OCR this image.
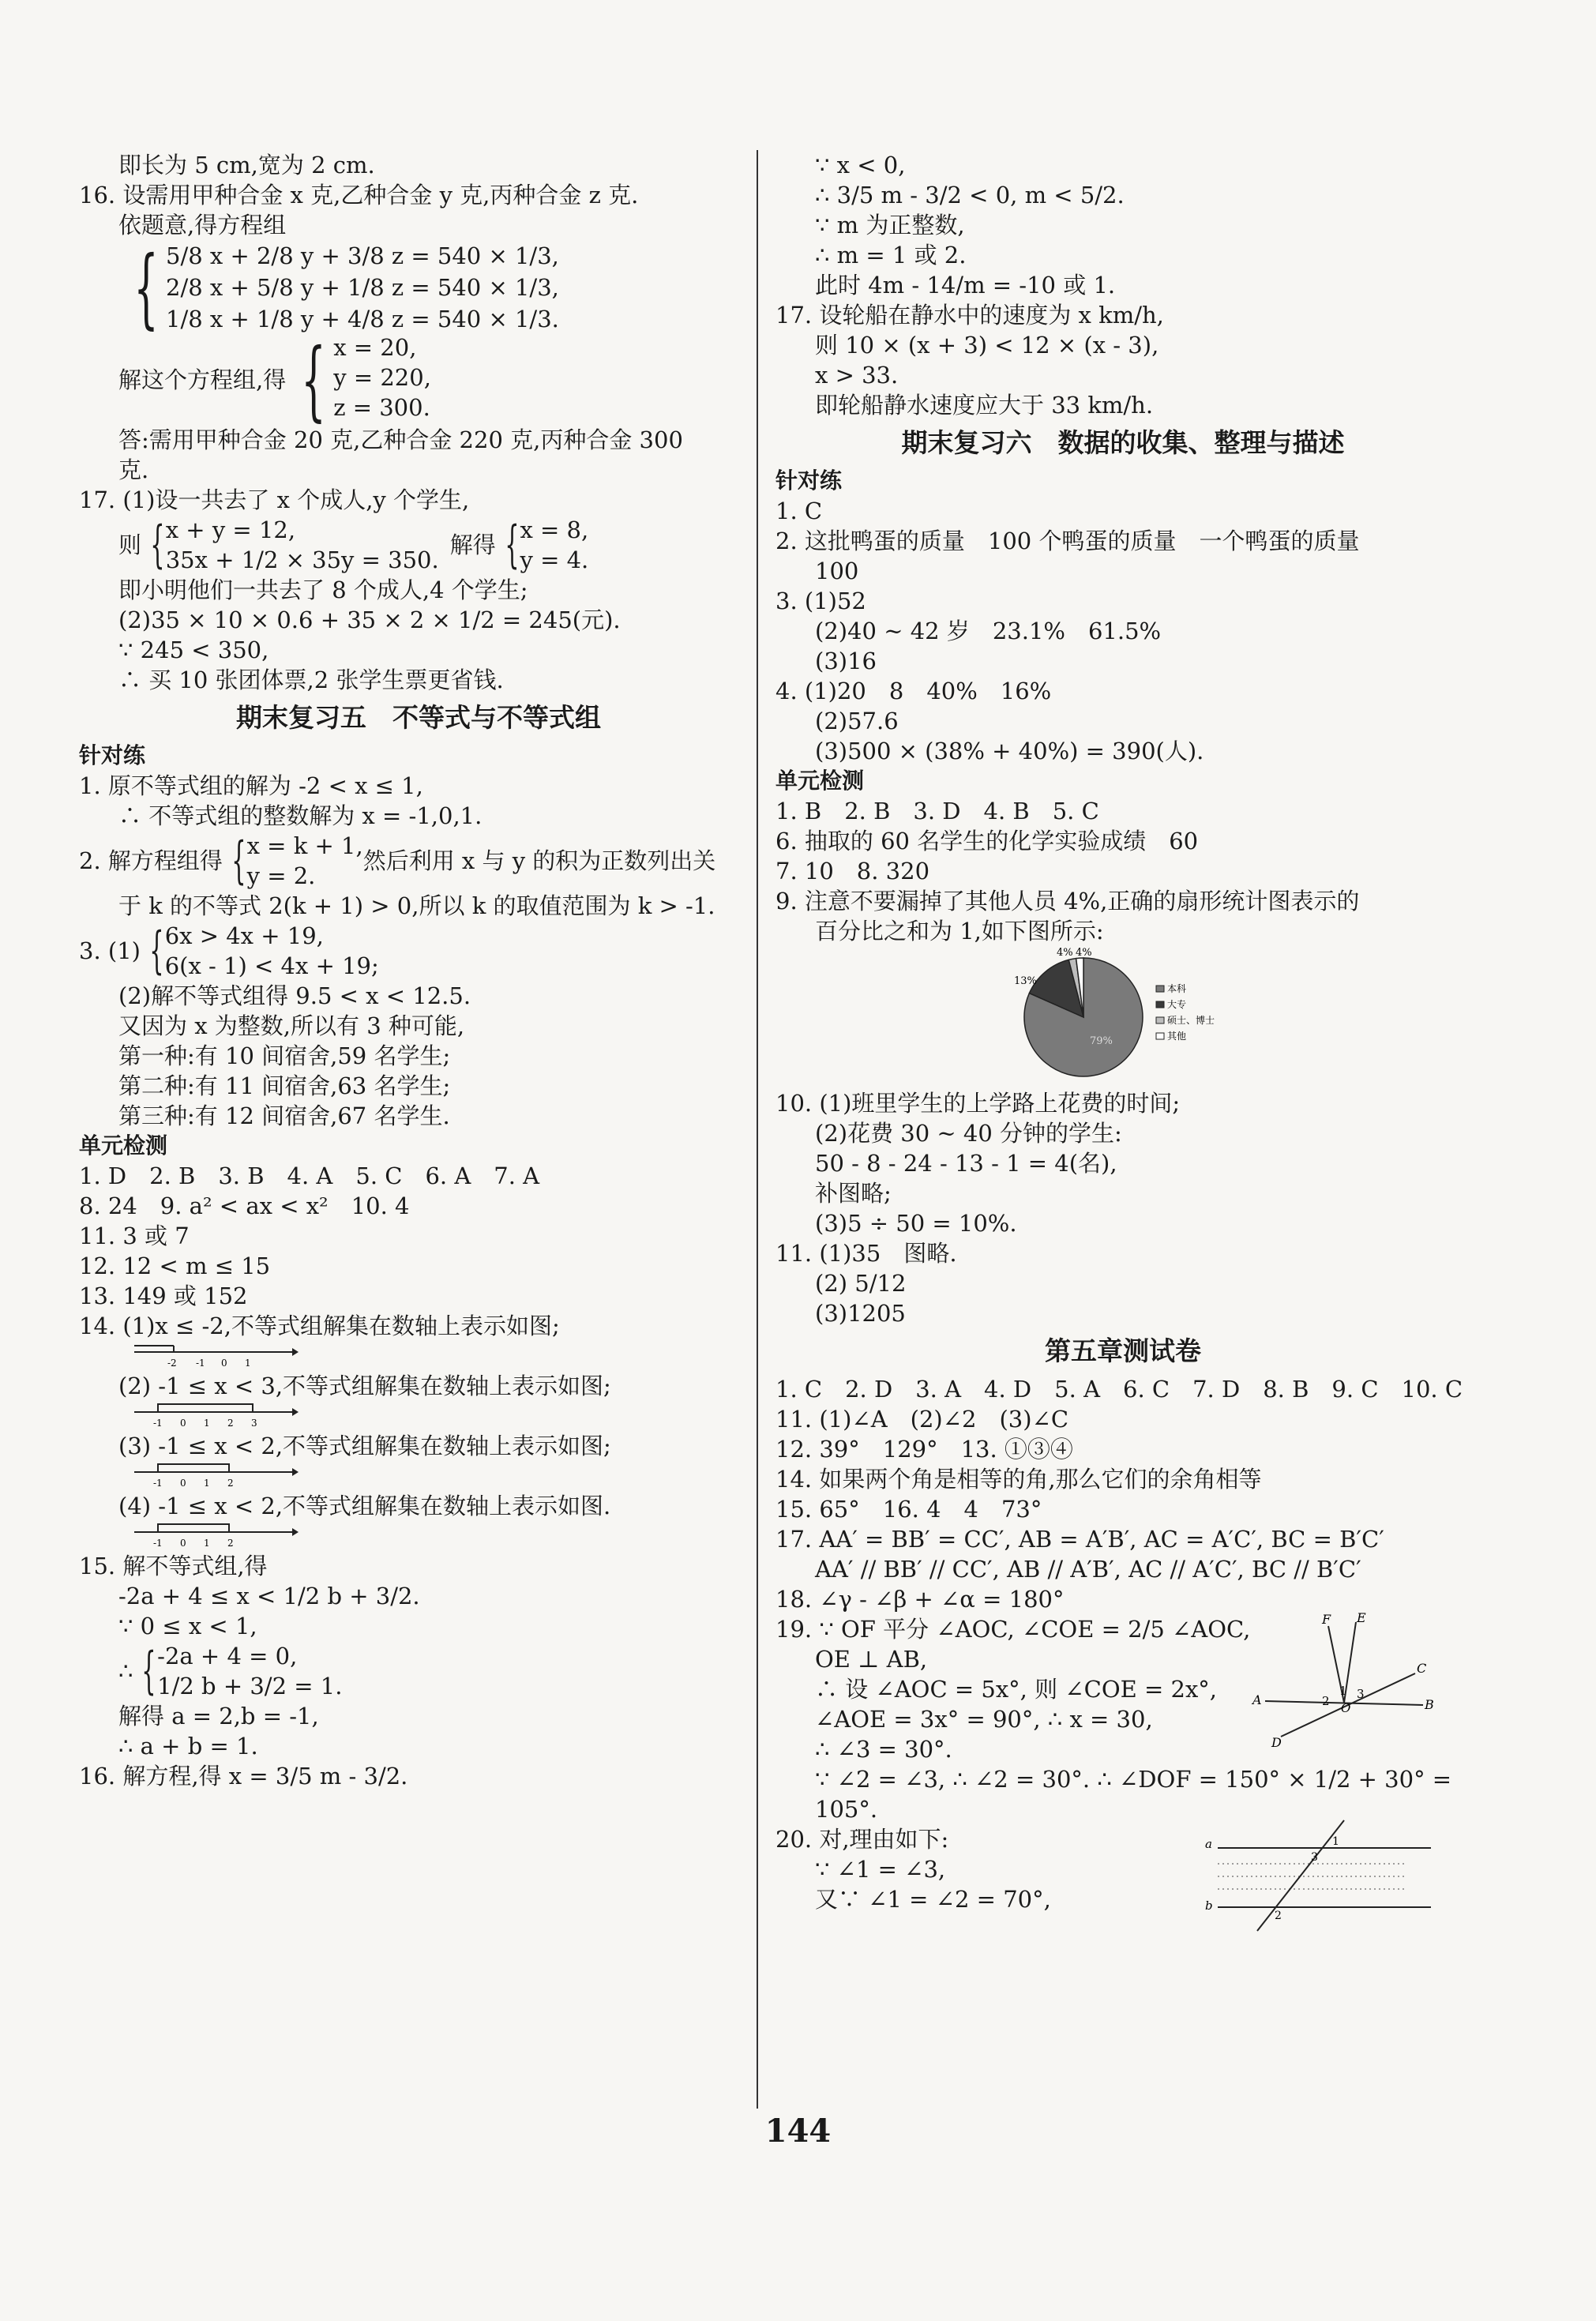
即长为 5 cm,宽为 2 cm.
16. 设需用甲种合金 x 克,乙种合金 y 克,丙种合金 z 克.
依题意,得方程组
{ 5/8 x + 2/8 y + 3/8 z = 540 × 1/3,
2/8 x + 5/8 y + 1/8 z = 540 × 1/3,
1/8 x + 1/8 y + 4/8 z = 540 × 1/3.
解这个方程组,得 { x = 20,
y = 220,
z = 300.
答:需用甲种合金 20 克,乙种合金 220 克,丙种合金 300
克.
17. (1)设一共去了 x 个成人,y 个学生,
则 { x + y = 12,
35x + 1/2 × 35y = 350.
解得 { x = 8,
y = 4.
即小明他们一共去了 8 个成人,4 个学生;
(2)35 × 10 × 0.6 + 35 × 2 × 1/2 = 245(元).
∵ 245 < 350,
∴ 买 10 张团体票,2 张学生票更省钱.
期末复习五　不等式与不等式组
针对练
1. 原不等式组的解为 -2 < x ≤ 1,
∴ 不等式组的整数解为 x = -1,0,1.
2. 解方程组得 { x = k + 1,
y = 2.
然后利用 x 与 y 的积为正数列出关
于 k 的不等式 2(k + 1) > 0,所以 k 的取值范围为 k > -1.
3. (1) { 6x > 4x + 19,
6(x - 1) < 4x + 19;
(2)解不等式组得 9.5 < x < 12.5.
又因为 x 为整数,所以有 3 种可能,
第一种:有 10 间宿舍,59 名学生;
第二种:有 11 间宿舍,63 名学生;
第三种:有 12 间宿舍,67 名学生.
单元检测
1. D　2. B　3. B　4. A　5. C　6. A　7. A
8. 24　9. a² < ax < x²　10. 4
11. 3 或 7
12. 12 < m ≤ 15
13. 149 或 152
14. (1)x ≤ -2,不等式组解集在数轴上表示如图;
-2 -1 0 1
(2) -1 ≤ x < 3,不等式组解集在数轴上表示如图;
-1 0 1 2 3
(3) -1 ≤ x < 2,不等式组解集在数轴上表示如图;
-1 0 1 2
(4) -1 ≤ x < 2,不等式组解集在数轴上表示如图.
-1 0 1 2
15. 解不等式组,得
-2a + 4 ≤ x < 1/2 b + 3/2.
∵ 0 ≤ x < 1,
∴ { -2a + 4 = 0,
1/2 b + 3/2 = 1.
解得 a = 2,b = -1,
∴ a + b = 1.
16. 解方程,得 x = 3/5 m - 3/2.
∵ x < 0,
∴ 3/5 m - 3/2 < 0, m < 5/2.
∵ m 为正整数,
∴ m = 1 或 2.
此时 4m - 14/m = -10 或 1.
17. 设轮船在静水中的速度为 x km/h,
则 10 × (x + 3) < 12 × (x - 3),
x > 33.
即轮船静水速度应大于 33 km/h.
期末复习六　数据的收集、整理与描述
针对练
1. C
2. 这批鸭蛋的质量　100 个鸭蛋的质量　一个鸭蛋的质量
100
3. (1)52
(2)40 ~ 42 岁　23.1%　61.5%
(3)16
4. (1)20　8　40%　16%
(2)57.6
(3)500 × (38% + 40%) = 390(人).
单元检测
1. B　2. B　3. D　4. B　5. C
6. 抽取的 60 名学生的化学实验成绩　60
7. 10　8. 320
9. 注意不要漏掉了其他人员 4%,正确的扇形统计图表示的
百分比之和为 1,如下图所示:
4% 4%
13%
79%
本科
大专
硕士、博士
其他
10. (1)班里学生的上学路上花费的时间;
(2)花费 30 ~ 40 分钟的学生:
50 - 8 - 24 - 13 - 1 = 4(名),
补图略;
(3)5 ÷ 50 = 10%.
11. (1)35　图略.
(2) 5/12
(3)1205
第五章测试卷
1. C　2. D　3. A　4. D　5. A　6. C　7. D　8. B　9. C　10. C
11. (1)∠A　(2)∠2　(3)∠C
12. 39°　129°　13. ①③④
14. 如果两个角是相等的角,那么它们的余角相等
15. 65°　16. 4　4　73°
17. AA′ = BB′ = CC′, AB = A′B′, AC = A′C′, BC = B′C′
AA′ // BB′ // CC′, AB // A′B′, AC // A′C′, BC // B′C′
18. ∠γ - ∠β + ∠α = 180°
19. ∵ OF 平分 ∠AOC, ∠COE = 2/5 ∠AOC,
OE ⊥ AB,
∴ 设 ∠AOC = 5x°, 则 ∠COE = 2x°,
∠AOE = 3x° = 90°, ∴ x = 30,
∴ ∠3 = 30°.
F E
C
A	2
1
O
3
B
D
∵ ∠2 = ∠3, ∴ ∠2 = 30°. ∴ ∠DOF = 150° × 1/2 + 30° =
105°.
20. 对,理由如下:
∵ ∠1 = ∠3,
又∵ ∠1 = ∠2 = 70°,
a
3
1
b
2
144
